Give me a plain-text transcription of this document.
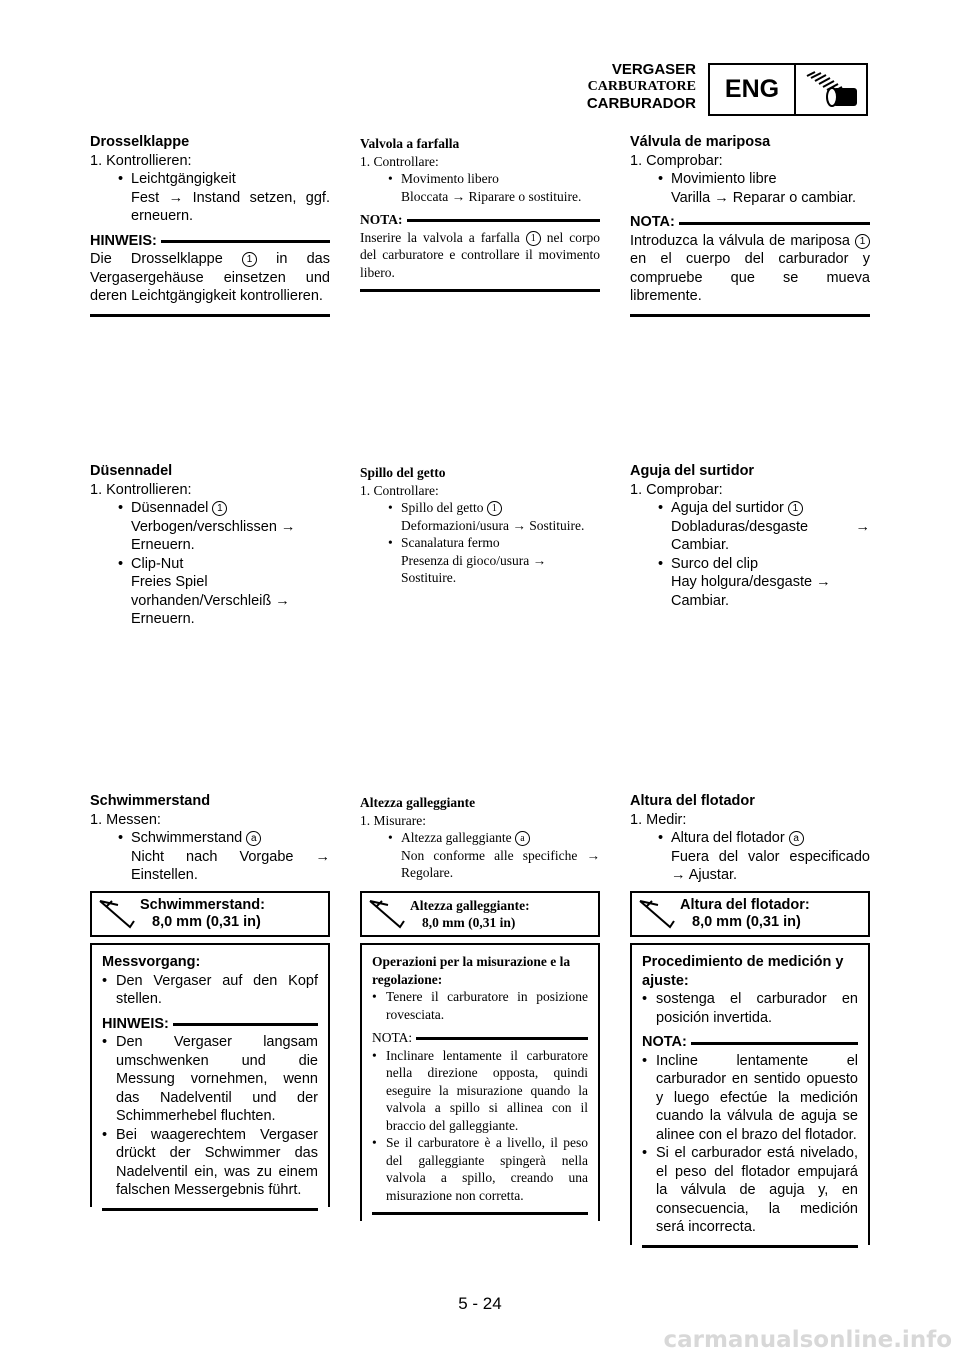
VERGASER
CARBURATORE
CARBURADOR
ENG
Drosselklappe
1. Kontrollieren:
• Leichtgängigkeit
Fest → Instand setzen, ggf. erneuern.
HINWEIS:
Die Drosselklappe 1 in das Vergasergehäuse einsetzen und deren Leichtgängigkeit kontrollieren.
Düsennadel
1. Kontrollieren:
• Düsennadel 1
Verbogen/verschlissen → Erneuern.
• Clip-Nut
Freies Spiel vorhanden/Verschleiß → Erneuern.
Schwimmerstand
1. Messen:
• Schwimmerstand a
Nicht nach Vorgabe → Einstellen.
Schwimmerstand:
8,0 mm (0,31 in)
Messvorgang:
• Den Vergaser auf den Kopf stellen.
HINWEIS:
• Den Vergaser langsam umschwenken und die Messung vornehmen, wenn das Nadelventil und der Schimmerhebel fluchten.
• Bei waagerechtem Vergaser drückt der Schwimmer das Nadelventil ein, was zu einem falschen Messergebnis führt.
Valvola a farfalla
1. Controllare:
• Movimento libero
Bloccata → Riparare o sostituire.
NOTA:
Inserire la valvola a farfalla 1 nel corpo del carburatore e controllare il movimento libero.
Spillo del getto
1. Controllare:
• Spillo del getto 1
Deformazioni/usura → Sostituire.
• Scanalatura fermo
Presenza di gioco/usura → Sostituire.
Altezza galleggiante
1. Misurare:
• Altezza galleggiante a
Non conforme alle specifiche → Regolare.
Altezza galleggiante:
8,0 mm (0,31 in)
Operazioni per la misurazione e la regolazione:
• Tenere il carburatore in posizione rovesciata.
NOTA:
• Inclinare lentamente il carburatore nella direzione opposta, quindi eseguire la misurazione quando la valvola a spillo si allinea con il braccio del galleggiante.
• Se il carburatore è a livello, il peso del galleggiante spingerà nella valvola a spillo, creando una misurazione non corretta.
Válvula de mariposa
1. Comprobar:
• Movimiento libre
Varilla → Reparar o cambiar.
NOTA:
Introduzca la válvula de mariposa 1 en el cuerpo del carburador y compruebe que se mueva libremente.
Aguja del surtidor
1. Comprobar:
• Aguja del surtidor 1
Dobladuras/desgaste → Cambiar.
• Surco del clip
Hay holgura/desgaste → Cambiar.
Altura del flotador
1. Medir:
• Altura del flotador a
Fuera del valor especificado → Ajustar.
Altura del flotador:
8,0 mm (0,31 in)
Procedimiento de medición y ajuste:
• sostenga el carburador en posición invertida.
NOTA:
• Incline lentamente el carburador en sentido opuesto y luego efectúe la medición cuando la válvula de aguja se alinee con el brazo del flotador.
• Si el carburador está nivelado, el peso del flotador empujará la válvula de aguja y, en consecuencia, la medición será incorrecta.
5 - 24
carmanualsonline.info
